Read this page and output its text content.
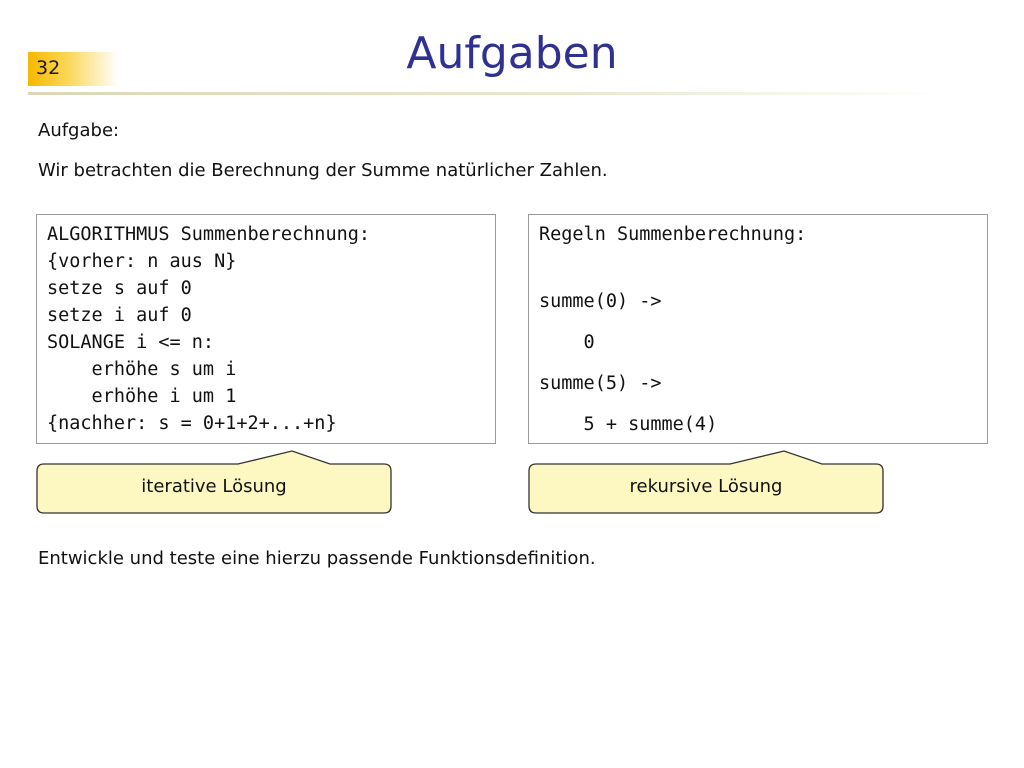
32	Aufgaben
Aufgabe:
Wir betrachten die Berechnung der Summe natürlicher Zahlen.
ALGORITHMUS Summenberechnung:
{vorher: n aus N}
setze s auf 0
setze i auf 0
SOLANGE i <= n:
erhöhe s um i
erhöhe i um 1
{nachher: s = 0+1+2+...+n}
Regeln Summenberechnung:
summe(0) ->
0
summe(5) ->
5 + summe(4)
iterative Lösung	rekursive Lösung
Entwickle und teste eine hierzu passende Funktionsdefinition.
